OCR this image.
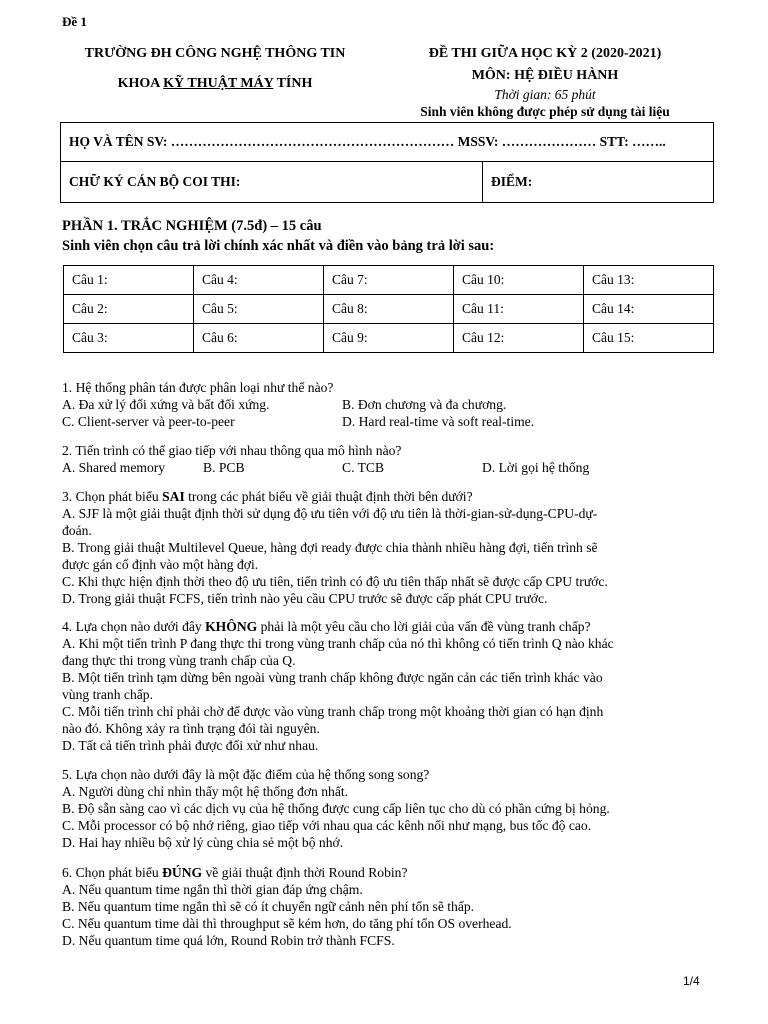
Đề 1
TRƯỜNG ĐH CÔNG NGHỆ THÔNG TIN
KHOA KỸ THUẬT MÁY TÍNH
ĐỀ THI GIỮA HỌC KỲ 2 (2020-2021)
MÔN: HỆ ĐIỀU HÀNH
Thời gian: 65 phút
Sinh viên không được phép sử dụng tài liệu
HỌ VÀ TÊN SV: ……………………………………………………… MSSV: ………………… STT: ……..
CHỮ KÝ CÁN BỘ COI THI:	ĐIỂM:
PHẦN 1. TRẮC NGHIỆM (7.5đ) – 15 câu
Sinh viên chọn câu trả lời chính xác nhất và điền vào bảng trả lời sau:
Câu 1:	Câu 4:	Câu 7:	Câu 10:	Câu 13:
Câu 2:	Câu 5:	Câu 8:	Câu 11:	Câu 14:
Câu 3:	Câu 6:	Câu 9:	Câu 12:	Câu 15:
1. Hệ thống phân tán được phân loại như thế nào?
A. Đa xử lý đối xứng và bất đối xứng.	B. Đơn chương và đa chương.
C. Client-server và peer-to-peer	D. Hard real-time và soft real-time.
2. Tiến trình có thể giao tiếp với nhau thông qua mô hình nào?
A. Shared memory	B. PCB	C. TCB	D. Lời gọi hệ thống
3. Chọn phát biểu SAI trong các phát biểu về giải thuật định thời bên dưới?
A. SJF là một giải thuật định thời sử dụng độ ưu tiên với độ ưu tiên là thời-gian-sử-dụng-CPU-dự-
đoán.
B. Trong giải thuật Multilevel Queue, hàng đợi ready được chia thành nhiều hàng đợi, tiến trình sẽ
được gán cố định vào một hàng đợi.
C. Khi thực hiện định thời theo độ ưu tiên, tiến trình có độ ưu tiên thấp nhất sẽ được cấp CPU trước.
D. Trong giải thuật FCFS, tiến trình nào yêu cầu CPU trước sẽ được cấp phát CPU trước.
4. Lựa chọn nào dưới đây KHÔNG phải là một yêu cầu cho lời giải của vấn đề vùng tranh chấp?
A. Khi một tiến trình P đang thực thi trong vùng tranh chấp của nó thì không có tiến trình Q nào khác
đang thực thi trong vùng tranh chấp của Q.
B. Một tiến trình tạm dừng bên ngoài vùng tranh chấp không được ngăn cản các tiến trình khác vào
vùng tranh chấp.
C. Mỗi tiến trình chỉ phải chờ để được vào vùng tranh chấp trong một khoảng thời gian có hạn định
nào đó. Không xảy ra tình trạng đói tài nguyên.
D. Tất cả tiến trình phải được đối xử như nhau.
5. Lựa chọn nào dưới đây là một đặc điểm của hệ thống song song?
A. Người dùng chỉ nhìn thấy một hệ thống đơn nhất.
B. Độ sẵn sàng cao vì các dịch vụ của hệ thống được cung cấp liên tục cho dù có phần cứng bị hỏng.
C. Mỗi processor có bộ nhớ riêng, giao tiếp với nhau qua các kênh nối như mạng, bus tốc độ cao.
D. Hai hay nhiều bộ xử lý cùng chia sẻ một bộ nhớ.
6. Chọn phát biểu ĐÚNG về giải thuật định thời Round Robin?
A. Nếu quantum time ngắn thì thời gian đáp ứng chậm.
B. Nếu quantum time ngắn thì sẽ có ít chuyển ngữ cảnh nên phí tổn sẽ thấp.
C. Nếu quantum time dài thì throughput sẽ kém hơn, do tăng phí tổn OS overhead.
D. Nếu quantum time quá lớn, Round Robin trở thành FCFS.
1/4
